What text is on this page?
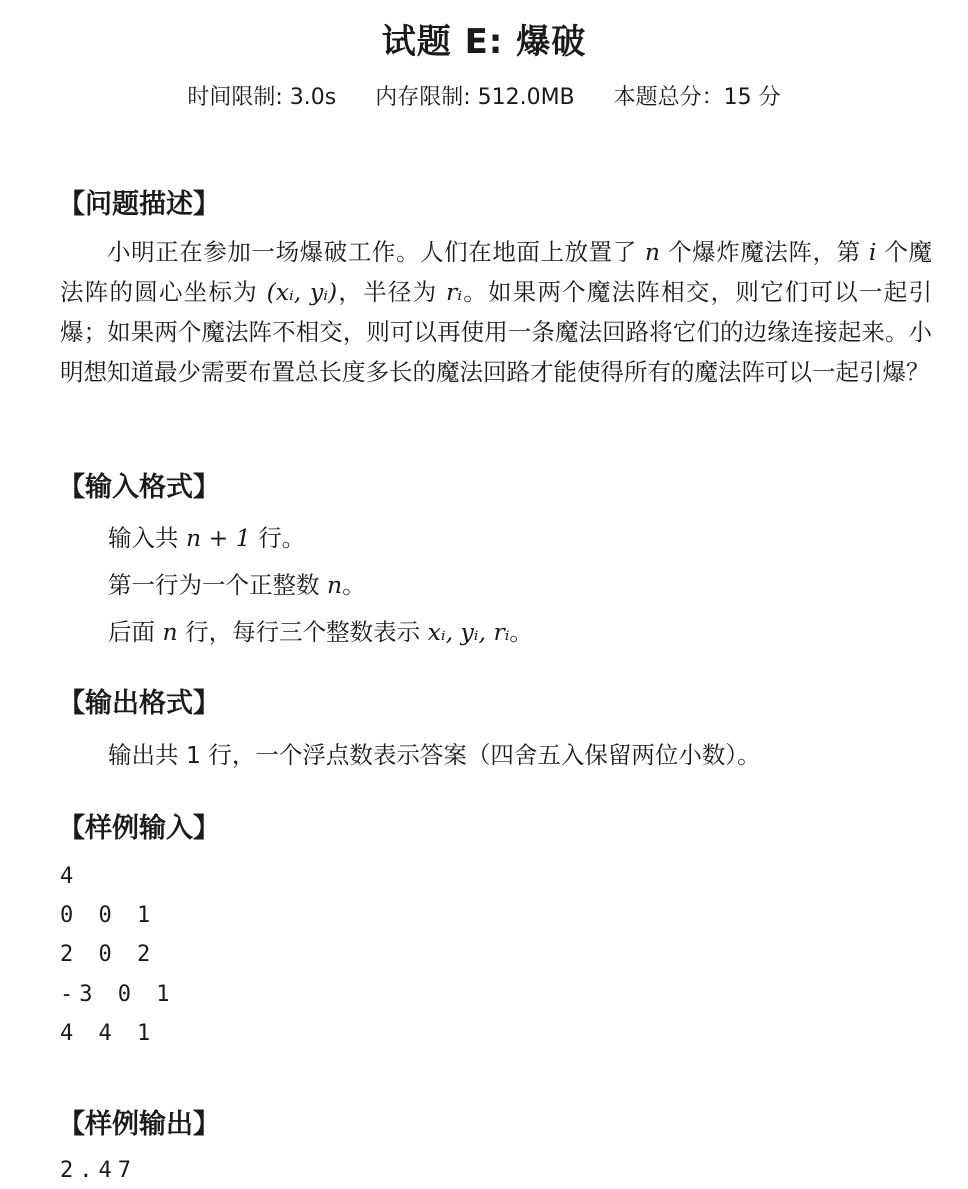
试题 E: 爆破
时间限制: 3.0s 内存限制: 512.0MB 本题总分：15 分
【问题描述】
小明正在参加一场爆破工作。人们在地面上放置了 n 个爆炸魔法阵，第 i 个魔法阵的圆心坐标为 (xᵢ, yᵢ)，半径为 rᵢ。如果两个魔法阵相交，则它们可以一起引爆；如果两个魔法阵不相交，则可以再使用一条魔法回路将它们的边缘连接起来。小明想知道最少需要布置总长度多长的魔法回路才能使得所有的魔法阵可以一起引爆？
【输入格式】
输入共 n + 1 行。
第一行为一个正整数 n。
后面 n 行，每行三个整数表示 xᵢ, yᵢ, rᵢ。
【输出格式】
输出共 1 行，一个浮点数表示答案（四舍五入保留两位小数）。
【样例输入】
4
0 0 1
2 0 2
-3 0 1
4 4 1
【样例输出】
2.47
